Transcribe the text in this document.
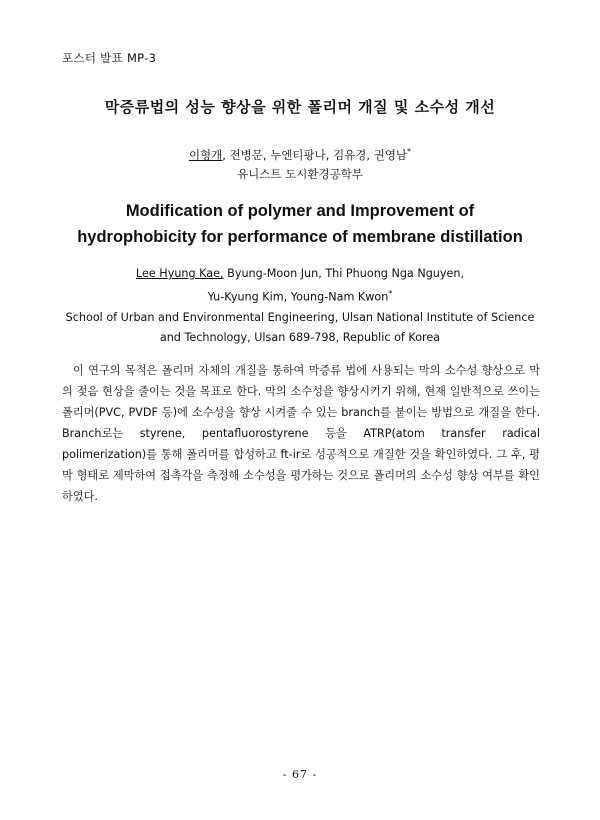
포스터 발표 MP-3
막증류법의 성능 향상을 위한 폴리머 개질 및 소수성 개선
이형개, 전병문, 누엔티팡나, 김유경, 권영남*
유니스트 도시환경공학부
Modification of polymer and Improvement of
hydrophobicity for performance of membrane distillation
Lee Hyung Kae, Byung-Moon Jun, Thi Phuong Nga Nguyen,
Yu-Kyung Kim, Young-Nam Kwon*
School of Urban and Environmental Engineering, Ulsan National Institute of Science
and Technology, Ulsan 689-798, Republic of Korea

이 연구의 목적은 폴리머 자체의 개질을 통하여 막증류 법에 사용되는 막의 소수성 향상으로 막의 젖음 현상을 줄이는 것을 목표로 한다. 막의 소수성을 향상시키기 위해, 현재 일반적으로 쓰이는 폴리머(PVC, PVDF 등)에 소수성을 향상 시켜줄 수 있는 branch를 붙이는 방법으로 개질을 한다. Branch로는 styrene, pentafluorostyrene 등을 ATRP(atom transfer radical polimerization)를 통해 폴리머를 합성하고 ft-ir로 성공적으로 개질한 것을 확인하였다. 그 후, 평막 형태로 제막하여 접촉각을 측정해 소수성을 평가하는 것으로 폴리머의 소수성 향상 여부를 확인하였다.

- 67 -
